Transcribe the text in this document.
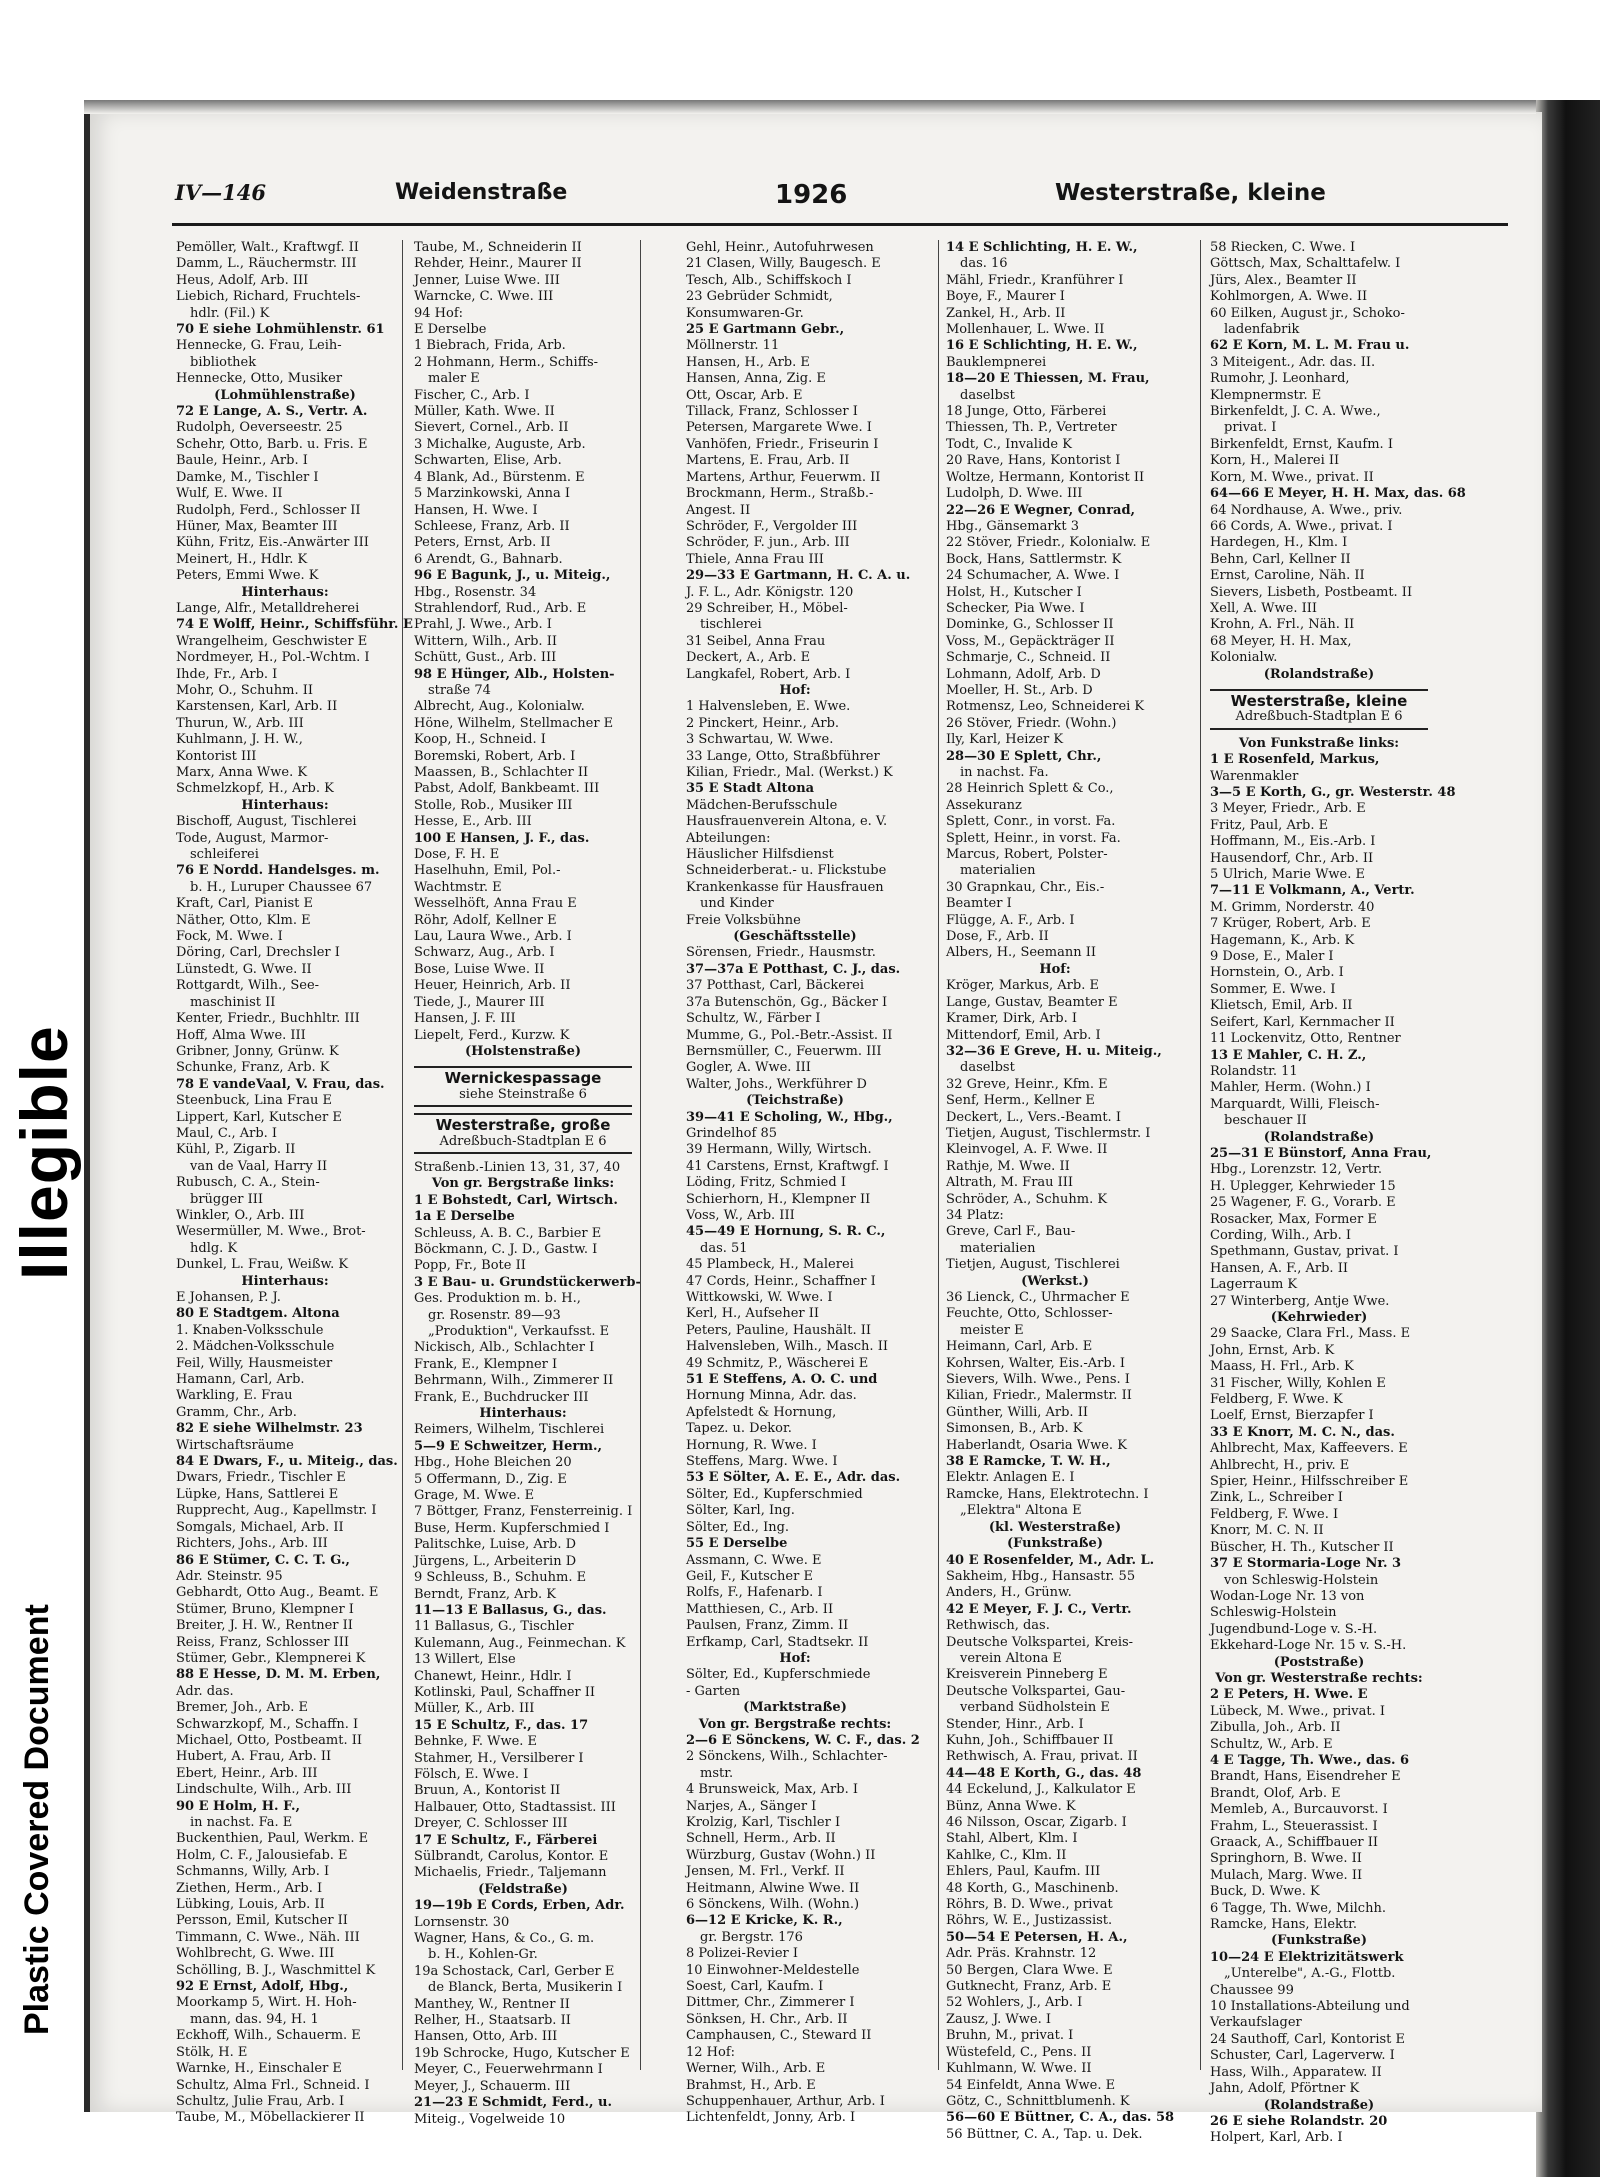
Illegible
Plastic Covered Document
IV—146	Weidenstraße	1926	Westerstraße, kleine
Pemöller, Walt., Kraftwgf. II
Damm, L., Räuchermstr. III
Heus, Adolf, Arb. III
Liebich, Richard, Fruchtels-
hdlr. (Fil.) K
70 E siehe Lohmühlenstr. 61
Hennecke, G. Frau, Leih-
bibliothek
Hennecke, Otto, Musiker
(Lohmühlenstraße)
72 E Lange, A. S., Vertr. A.
Rudolph, Oeverseestr. 25
Schehr, Otto, Barb. u. Fris. E
Baule, Heinr., Arb. I
Damke, M., Tischler I
Wulf, E. Wwe. II
Rudolph, Ferd., Schlosser II
Hüner, Max, Beamter III
Kühn, Fritz, Eis.-Anwärter III
Meinert, H., Hdlr. K
Peters, Emmi Wwe. K
Hinterhaus:
Lange, Alfr., Metalldreherei
74 E Wolff, Heinr., Schiffsführ. E
Wrangelheim, Geschwister E
Nordmeyer, H., Pol.-Wchtm. I
Ihde, Fr., Arb. I
Mohr, O., Schuhm. II
Karstensen, Karl, Arb. II
Thurun, W., Arb. III
Kuhlmann, J. H. W.,
Kontorist III
Marx, Anna Wwe. K
Schmelzkopf, H., Arb. K
Hinterhaus:
Bischoff, August, Tischlerei
Tode, August, Marmor-
schleiferei
76 E Nordd. Handelsges. m.
b. H., Luruper Chaussee 67
Kraft, Carl, Pianist E
Näther, Otto, Klm. E
Fock, M. Wwe. I
Döring, Carl, Drechsler I
Lünstedt, G. Wwe. II
Rottgardt, Wilh., See-
maschinist II
Kenter, Friedr., Buchhltr. III
Hoff, Alma Wwe. III
Gribner, Jonny, Grünw. K
Schunke, Franz, Arb. K
78 E vandeVaal, V. Frau, das.
Steenbuck, Lina Frau E
Lippert, Karl, Kutscher E
Maul, C., Arb. I
Kühl, P., Zigarb. II
van de Vaal, Harry II
Rubusch, C. A., Stein-
brügger III
Winkler, O., Arb. III
Wesermüller, M. Wwe., Brot-
hdlg. K
Dunkel, L. Frau, Weißw. K
Hinterhaus:
E Johansen, P. J.
80 E Stadtgem. Altona
1. Knaben-Volksschule
2. Mädchen-Volksschule
Feil, Willy, Hausmeister
Hamann, Carl, Arb.
Warkling, E. Frau
Gramm, Chr., Arb.
82 E siehe Wilhelmstr. 23
Wirtschaftsräume
84 E Dwars, F., u. Miteig., das.
Dwars, Friedr., Tischler E
Lüpke, Hans, Sattlerei E
Rupprecht, Aug., Kapellmstr. I
Somgals, Michael, Arb. II
Richters, Johs., Arb. III
86 E Stümer, C. C. T. G.,
Adr. Steinstr. 95
Gebhardt, Otto Aug., Beamt. E
Stümer, Bruno, Klempner I
Breiter, J. H. W., Rentner II
Reiss, Franz, Schlosser III
Stümer, Gebr., Klempnerei K
88 E Hesse, D. M. M. Erben,
Adr. das.
Bremer, Joh., Arb. E
Schwarzkopf, M., Schaffn. I
Michael, Otto, Postbeamt. II
Hubert, A. Frau, Arb. II
Ebert, Heinr., Arb. III
Lindschulte, Wilh., Arb. III
90 E Holm, H. F.,
in nachst. Fa. E
Buckenthien, Paul, Werkm. E
Holm, C. F., Jalousiefab. E
Schmanns, Willy, Arb. I
Ziethen, Herm., Arb. I
Lübking, Louis, Arb. II
Persson, Emil, Kutscher II
Timmann, C. Wwe., Näh. III
Wohlbrecht, G. Wwe. III
Schölling, B. J., Waschmittel K
92 E Ernst, Adolf, Hbg.,
Moorkamp 5, Wirt. H. Hoh-
mann, das. 94, H. 1
Eckhoff, Wilh., Schauerm. E
Stölk, H. E
Warnke, H., Einschaler E
Schultz, Alma Frl., Schneid. I
Schultz, Julie Frau, Arb. I
Taube, M., Möbellackierer II
Taube, M., Schneiderin II
Rehder, Heinr., Maurer II
Jenner, Luise Wwe. III
Warncke, C. Wwe. III
94 Hof:
E Derselbe
1 Biebrach, Frida, Arb.
2 Hohmann, Herm., Schiffs-
maler E
Fischer, C., Arb. I
Müller, Kath. Wwe. II
Sievert, Cornel., Arb. II
3 Michalke, Auguste, Arb.
Schwarten, Elise, Arb.
4 Blank, Ad., Bürstenm. E
5 Marzinkowski, Anna I
Hansen, H. Wwe. I
Schleese, Franz, Arb. II
Peters, Ernst, Arb. II
6 Arendt, G., Bahnarb.
96 E Bagunk, J., u. Miteig.,
Hbg., Rosenstr. 34
Strahlendorf, Rud., Arb. E
Prahl, J. Wwe., Arb. I
Wittern, Wilh., Arb. II
Schütt, Gust., Arb. III
98 E Hünger, Alb., Holsten-
straße 74
Albrecht, Aug., Kolonialw.
Höne, Wilhelm, Stellmacher E
Koop, H., Schneid. I
Boremski, Robert, Arb. I
Maassen, B., Schlachter II
Pabst, Adolf, Bankbeamt. III
Stolle, Rob., Musiker III
Hesse, E., Arb. III
100 E Hansen, J. F., das.
Dose, F. H. E
Haselhuhn, Emil, Pol.-
Wachtmstr. E
Wesselhöft, Anna Frau E
Röhr, Adolf, Kellner E
Lau, Laura Wwe., Arb. I
Schwarz, Aug., Arb. I
Bose, Luise Wwe. II
Heuer, Heinrich, Arb. II
Tiede, J., Maurer III
Hansen, J. F. III
Liepelt, Ferd., Kurzw. K
(Holstenstraße)
Wernickespassage
siehe Steinstraße 6
Westerstraße, große
Adreßbuch-Stadtplan E 6
Straßenb.-Linien 13, 31, 37, 40
Von gr. Bergstraße links:
1 E Bohstedt, Carl, Wirtsch.
1a E Derselbe
Schleuss, A. B. C., Barbier E
Böckmann, C. J. D., Gastw. I
Popp, Fr., Bote II
3 E Bau- u. Grundstückerwerb-
Ges. Produktion m. b. H.,
gr. Rosenstr. 89—93
„Produktion", Verkaufsst. E
Nickisch, Alb., Schlachter I
Frank, E., Klempner I
Behrmann, Wilh., Zimmerer II
Frank, E., Buchdrucker III
Hinterhaus:
Reimers, Wilhelm, Tischlerei
5—9 E Schweitzer, Herm.,
Hbg., Hohe Bleichen 20
5 Offermann, D., Zig. E
Grage, M. Wwe. E
7 Böttger, Franz, Fensterreinig. I
Buse, Herm. Kupferschmied I
Palitschke, Luise, Arb. D
Jürgens, L., Arbeiterin D
9 Schleuss, B., Schuhm. E
Berndt, Franz, Arb. K
11—13 E Ballasus, G., das.
11 Ballasus, G., Tischler
Kulemann, Aug., Feinmechan. K
13 Willert, Else
Chanewt, Heinr., Hdlr. I
Kotlinski, Paul, Schaffner II
Müller, K., Arb. III
15 E Schultz, F., das. 17
Behnke, F. Wwe. E
Stahmer, H., Versilberer I
Fölsch, E. Wwe. I
Bruun, A., Kontorist II
Halbauer, Otto, Stadtassist. III
Dreyer, C. Schlosser III
17 E Schultz, F., Färberei
Sülbrandt, Carolus, Kontor. E
Michaelis, Friedr., Taljemann
(Feldstraße)
19—19b E Cords, Erben, Adr.
Lornsenstr. 30
Wagner, Hans, & Co., G. m.
b. H., Kohlen-Gr.
19a Schostack, Carl, Gerber E
de Blanck, Berta, Musikerin I
Manthey, W., Rentner II
Relher, H., Staatsarb. II
Hansen, Otto, Arb. III
19b Schrocke, Hugo, Kutscher E
Meyer, C., Feuerwehrmann I
Meyer, J., Schauerm. III
21—23 E Schmidt, Ferd., u.
Miteig., Vogelweide 10
Gehl, Heinr., Autofuhrwesen
21 Clasen, Willy, Baugesch. E
Tesch, Alb., Schiffskoch I
23 Gebrüder Schmidt,
Konsumwaren-Gr.
25 E Gartmann Gebr.,
Möllnerstr. 11
Hansen, H., Arb. E
Hansen, Anna, Zig. E
Ott, Oscar, Arb. E
Tillack, Franz, Schlosser I
Petersen, Margarete Wwe. I
Vanhöfen, Friedr., Friseurin I
Martens, E. Frau, Arb. II
Martens, Arthur, Feuerwm. II
Brockmann, Herm., Straßb.-
Angest. II
Schröder, F., Vergolder III
Schröder, F. jun., Arb. III
Thiele, Anna Frau III
29—33 E Gartmann, H. C. A. u.
J. F. L., Adr. Königstr. 120
29 Schreiber, H., Möbel-
tischlerei
31 Seibel, Anna Frau
Deckert, A., Arb. E
Langkafel, Robert, Arb. I
Hof:
1 Halvensleben, E. Wwe.
2 Pinckert, Heinr., Arb.
3 Schwartau, W. Wwe.
33 Lange, Otto, Straßbführer
Kilian, Friedr., Mal. (Werkst.) K
35 E Stadt Altona
Mädchen-Berufsschule
Hausfrauenverein Altona, e. V.
Abteilungen:
Häuslicher Hilfsdienst
Schneiderberat.- u. Flickstube
Krankenkasse für Hausfrauen
und Kinder
Freie Volksbühne
(Geschäftsstelle)
Sörensen, Friedr., Hausmstr.
37—37a E Potthast, C. J., das.
37 Potthast, Carl, Bäckerei
37a Butenschön, Gg., Bäcker I
Schultz, W., Färber I
Mumme, G., Pol.-Betr.-Assist. II
Bernsmüller, C., Feuerwm. III
Gogler, A. Wwe. III
Walter, Johs., Werkführer D
(Teichstraße)
39—41 E Scholing, W., Hbg.,
Grindelhof 85
39 Hermann, Willy, Wirtsch.
41 Carstens, Ernst, Kraftwgf. I
Löding, Fritz, Schmied I
Schierhorn, H., Klempner II
Voss, W., Arb. III
45—49 E Hornung, S. R. C.,
das. 51
45 Plambeck, H., Malerei
47 Cords, Heinr., Schaffner I
Wittkowski, W. Wwe. I
Kerl, H., Aufseher II
Peters, Pauline, Haushält. II
Halvensleben, Wilh., Masch. II
49 Schmitz, P., Wäscherei E
51 E Steffens, A. O. C. und
Hornung Minna, Adr. das.
Apfelstedt & Hornung,
Tapez. u. Dekor.
Hornung, R. Wwe. I
Steffens, Marg. Wwe. I
53 E Sölter, A. E. E., Adr. das.
Sölter, Ed., Kupferschmied
Sölter, Karl, Ing.
Sölter, Ed., Ing.
55 E Derselbe
Assmann, C. Wwe. E
Geil, F., Kutscher E
Rolfs, F., Hafenarb. I
Matthiesen, C., Arb. II
Paulsen, Franz, Zimm. II
Erfkamp, Carl, Stadtsekr. II
Hof:
Sölter, Ed., Kupferschmiede
- Garten
(Marktstraße)
Von gr. Bergstraße rechts:
2—6 E Sönckens, W. C. F., das. 2
2 Sönckens, Wilh., Schlachter-
mstr.
4 Brunsweick, Max, Arb. I
Narjes, A., Sänger I
Krolzig, Karl, Tischler I
Schnell, Herm., Arb. II
Würzburg, Gustav (Wohn.) II
Jensen, M. Frl., Verkf. II
Heitmann, Alwine Wwe. II
6 Sönckens, Wilh. (Wohn.)
6—12 E Kricke, K. R.,
gr. Bergstr. 176
8 Polizei-Revier I
10 Einwohner-Meldestelle
Soest, Carl, Kaufm. I
Dittmer, Chr., Zimmerer I
Sönksen, H. Chr., Arb. II
Camphausen, C., Steward II
12 Hof:
Werner, Wilh., Arb. E
Brahmst, H., Arb. E
Schuppenhauer, Arthur, Arb. I
Lichtenfeldt, Jonny, Arb. I
14 E Schlichting, H. E. W.,
das. 16
Mähl, Friedr., Kranführer I
Boye, F., Maurer I
Zankel, H., Arb. II
Mollenhauer, L. Wwe. II
16 E Schlichting, H. E. W.,
Bauklempnerei
18—20 E Thiessen, M. Frau,
daselbst
18 Junge, Otto, Färberei
Thiessen, Th. P., Vertreter
Todt, C., Invalide K
20 Rave, Hans, Kontorist I
Woltze, Hermann, Kontorist II
Ludolph, D. Wwe. III
22—26 E Wegner, Conrad,
Hbg., Gänsemarkt 3
22 Stöver, Friedr., Kolonialw. E
Bock, Hans, Sattlermstr. K
24 Schumacher, A. Wwe. I
Holst, H., Kutscher I
Schecker, Pia Wwe. I
Dominke, G., Schlosser II
Voss, M., Gepäckträger II
Schmarje, C., Schneid. II
Lohmann, Adolf, Arb. D
Moeller, H. St., Arb. D
Rotmensz, Leo, Schneiderei K
26 Stöver, Friedr. (Wohn.)
Ily, Karl, Heizer K
28—30 E Splett, Chr.,
in nachst. Fa.
28 Heinrich Splett & Co.,
Assekuranz
Splett, Conr., in vorst. Fa.
Splett, Heinr., in vorst. Fa.
Marcus, Robert, Polster-
materialien
30 Grapnkau, Chr., Eis.-
Beamter I
Flügge, A. F., Arb. I
Dose, F., Arb. II
Albers, H., Seemann II
Hof:
Kröger, Markus, Arb. E
Lange, Gustav, Beamter E
Kramer, Dirk, Arb. I
Mittendorf, Emil, Arb. I
32—36 E Greve, H. u. Miteig.,
daselbst
32 Greve, Heinr., Kfm. E
Senf, Herm., Kellner E
Deckert, L., Vers.-Beamt. I
Tietjen, August, Tischlermstr. I
Kleinvogel, A. F. Wwe. II
Rathje, M. Wwe. II
Altrath, M. Frau III
Schröder, A., Schuhm. K
34 Platz:
Greve, Carl F., Bau-
materialien
Tietjen, August, Tischlerei
(Werkst.)
36 Lienck, C., Uhrmacher E
Feuchte, Otto, Schlosser-
meister E
Heimann, Carl, Arb. E
Kohrsen, Walter, Eis.-Arb. I
Sievers, Wilh. Wwe., Pens. I
Kilian, Friedr., Malermstr. II
Günther, Willi, Arb. II
Simonsen, B., Arb. K
Haberlandt, Osaria Wwe. K
38 E Ramcke, T. W. H.,
Elektr. Anlagen E. I
Ramcke, Hans, Elektrotechn. I
„Elektra" Altona E
(kl. Westerstraße)
(Funkstraße)
40 E Rosenfelder, M., Adr. L.
Sakheim, Hbg., Hansastr. 55
Anders, H., Grünw.
42 E Meyer, F. J. C., Vertr.
Rethwisch, das.
Deutsche Volkspartei, Kreis-
verein Altona E
Kreisverein Pinneberg E
Deutsche Volkspartei, Gau-
verband Südholstein E
Stender, Hinr., Arb. I
Kuhn, Joh., Schiffbauer II
Rethwisch, A. Frau, privat. II
44—48 E Korth, G., das. 48
44 Eckelund, J., Kalkulator E
Bünz, Anna Wwe. K
46 Nilsson, Oscar, Zigarb. I
Stahl, Albert, Klm. I
Kahlke, C., Klm. II
Ehlers, Paul, Kaufm. III
48 Korth, G., Maschinenb.
Röhrs, B. D. Wwe., privat
Röhrs, W. E., Justizassist.
50—54 E Petersen, H. A.,
Adr. Präs. Krahnstr. 12
50 Bergen, Clara Wwe. E
Gutknecht, Franz, Arb. E
52 Wohlers, J., Arb. I
Zausz, J. Wwe. I
Bruhn, M., privat. I
Wüstefeld, C., Pens. II
Kuhlmann, W. Wwe. II
54 Einfeldt, Anna Wwe. E
Götz, C., Schnittblumenh. K
56—60 E Büttner, C. A., das. 58
56 Büttner, C. A., Tap. u. Dek.
58 Riecken, C. Wwe. I
Göttsch, Max, Schalttafelw. I
Jürs, Alex., Beamter II
Kohlmorgen, A. Wwe. II
60 Eilken, August jr., Schoko-
ladenfabrik
62 E Korn, M. L. M. Frau u.
3 Miteigent., Adr. das. II.
Rumohr, J. Leonhard,
Klempnermstr. E
Birkenfeldt, J. C. A. Wwe.,
privat. I
Birkenfeldt, Ernst, Kaufm. I
Korn, H., Malerei II
Korn, M. Wwe., privat. II
64—66 E Meyer, H. H. Max, das. 68
64 Nordhause, A. Wwe., priv.
66 Cords, A. Wwe., privat. I
Hardegen, H., Klm. I
Behn, Carl, Kellner II
Ernst, Caroline, Näh. II
Sievers, Lisbeth, Postbeamt. II
Xell, A. Wwe. III
Krohn, A. Frl., Näh. II
68 Meyer, H. H. Max,
Kolonialw.
(Rolandstraße)
Westerstraße, kleine
Adreßbuch-Stadtplan E 6
Von Funkstraße links:
1 E Rosenfeld, Markus,
Warenmakler
3—5 E Korth, G., gr. Westerstr. 48
3 Meyer, Friedr., Arb. E
Fritz, Paul, Arb. E
Hoffmann, M., Eis.-Arb. I
Hausendorf, Chr., Arb. II
5 Ulrich, Marie Wwe. E
7—11 E Volkmann, A., Vertr.
M. Grimm, Norderstr. 40
7 Krüger, Robert, Arb. E
Hagemann, K., Arb. K
9 Dose, E., Maler I
Hornstein, O., Arb. I
Sommer, E. Wwe. I
Klietsch, Emil, Arb. II
Seifert, Karl, Kernmacher II
11 Lockenvitz, Otto, Rentner
13 E Mahler, C. H. Z.,
Rolandstr. 11
Mahler, Herm. (Wohn.) I
Marquardt, Willi, Fleisch-
beschauer II
(Rolandstraße)
25—31 E Bünstorf, Anna Frau,
Hbg., Lorenzstr. 12, Vertr.
H. Uplegger, Kehrwieder 15
25 Wagener, F. G., Vorarb. E
Rosacker, Max, Former E
Cording, Wilh., Arb. I
Spethmann, Gustav, privat. I
Hansen, A. F., Arb. II
Lagerraum K
27 Winterberg, Antje Wwe.
(Kehrwieder)
29 Saacke, Clara Frl., Mass. E
John, Ernst, Arb. K
Maass, H. Frl., Arb. K
31 Fischer, Willy, Kohlen E
Feldberg, F. Wwe. K
Loelf, Ernst, Bierzapfer I
33 E Knorr, M. C. N., das.
Ahlbrecht, Max, Kaffeevers. E
Ahlbrecht, H., priv. E
Spier, Heinr., Hilfsschreiber E
Zink, L., Schreiber I
Feldberg, F. Wwe. I
Knorr, M. C. N. II
Büscher, H. Th., Kutscher II
37 E Stormaria-Loge Nr. 3
von Schleswig-Holstein
Wodan-Loge Nr. 13 von
Schleswig-Holstein
Jugendbund-Loge v. S.-H.
Ekkehard-Loge Nr. 15 v. S.-H.
(Poststraße)
Von gr. Westerstraße rechts:
2 E Peters, H. Wwe. E
Lübeck, M. Wwe., privat. I
Zibulla, Joh., Arb. II
Schultz, W., Arb. E
4 E Tagge, Th. Wwe., das. 6
Brandt, Hans, Eisendreher E
Brandt, Olof, Arb. E
Memleb, A., Burcauvorst. I
Frahm, L., Steuerassist. I
Graack, A., Schiffbauer II
Springhorn, B. Wwe. II
Mulach, Marg. Wwe. II
Buck, D. Wwe. K
6 Tagge, Th. Wwe, Milchh.
Ramcke, Hans, Elektr.
(Funkstraße)
10—24 E Elektrizitätswerk
„Unterelbe", A.-G., Flottb.
Chaussee 99
10 Installations-Abteilung und
Verkaufslager
24 Sauthoff, Carl, Kontorist E
Schuster, Carl, Lagerverw. I
Hass, Wilh., Apparatew. II
Jahn, Adolf, Pförtner K
(Rolandstraße)
26 E siehe Rolandstr. 20
Holpert, Karl, Arb. I
